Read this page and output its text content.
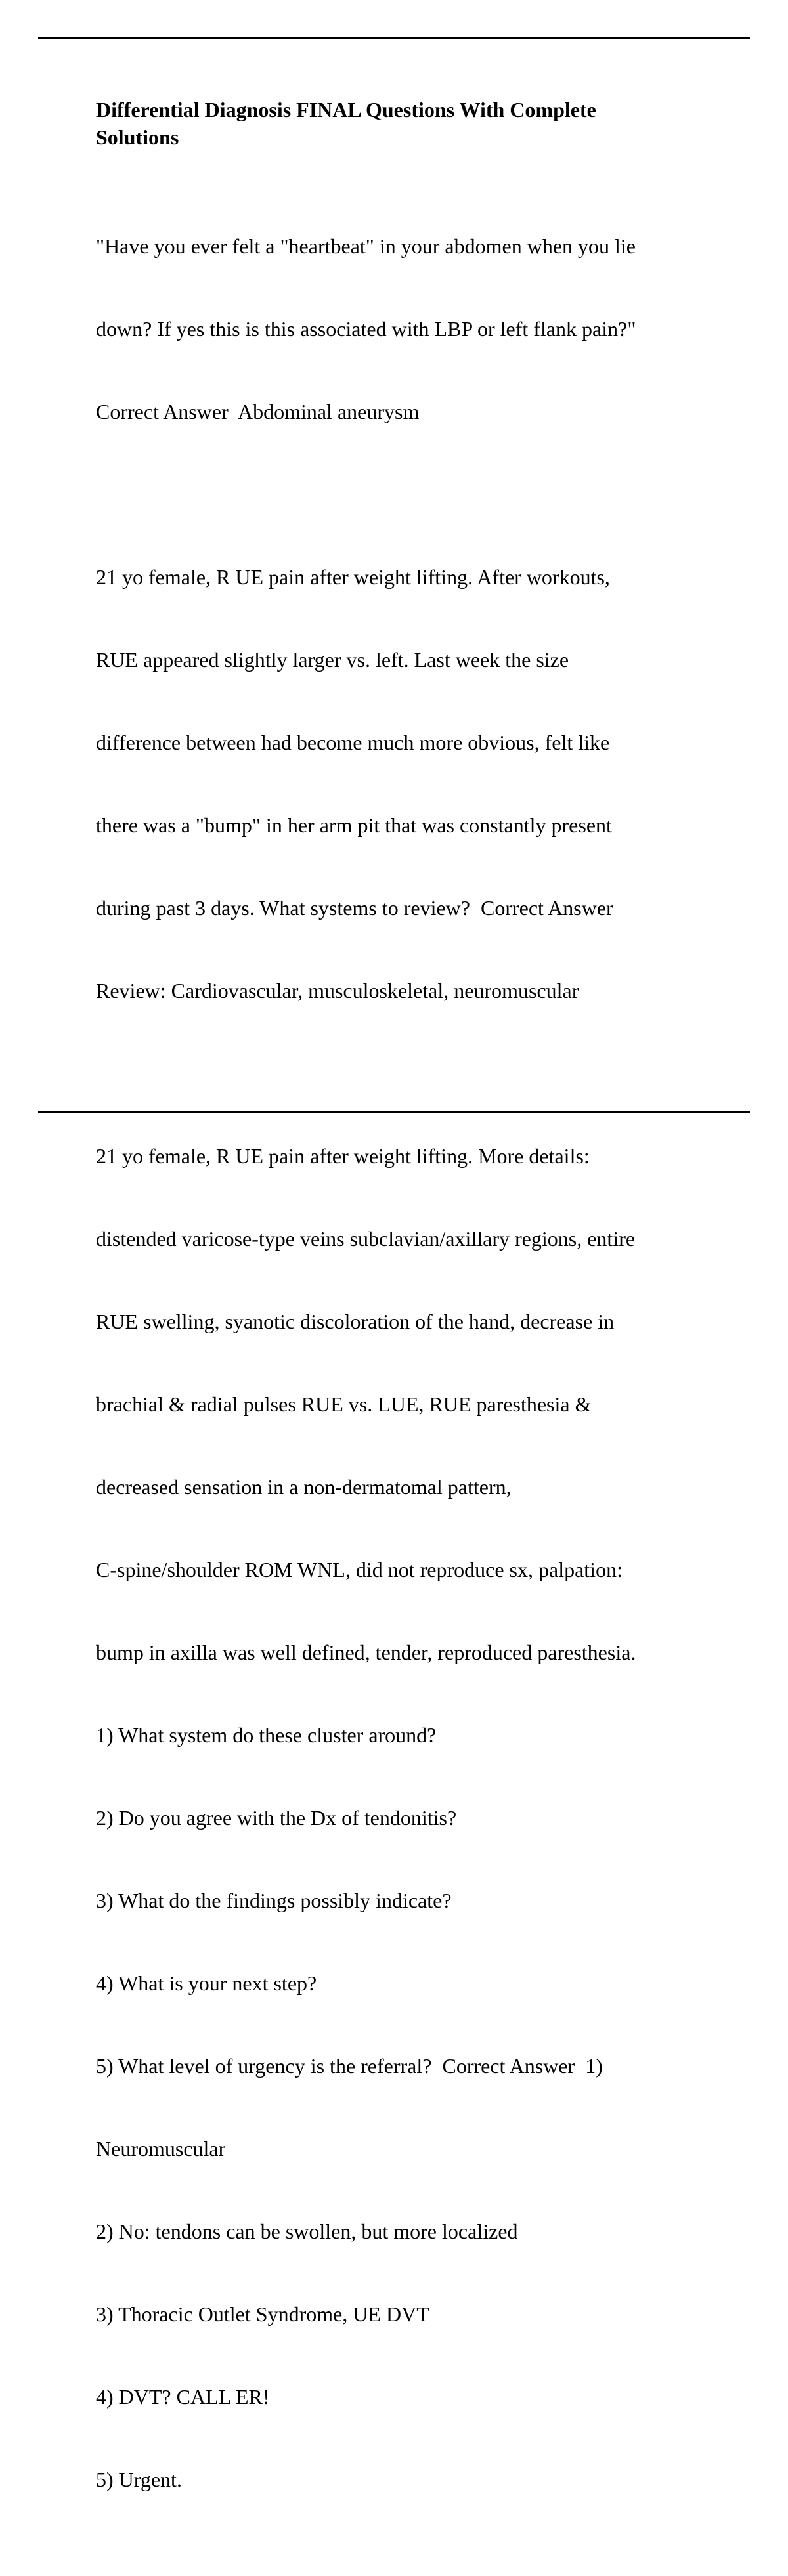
Differential Diagnosis FINAL Questions With Complete
Solutions

"Have you ever felt a "heartbeat" in your abdomen when you lie

down? If yes this is this associated with LBP or left flank pain?"

Correct Answer  Abdominal aneurysm

21 yo female, R UE pain after weight lifting. After workouts,

RUE appeared slightly larger vs. left. Last week the size

difference between had become much more obvious, felt like

there was a "bump" in her arm pit that was constantly present

during past 3 days. What systems to review?  Correct Answer

Review: Cardiovascular, musculoskeletal, neuromuscular

21 yo female, R UE pain after weight lifting. More details:

distended varicose-type veins subclavian/axillary regions, entire

RUE swelling, syanotic discoloration of the hand, decrease in

brachial & radial pulses RUE vs. LUE, RUE paresthesia &

decreased sensation in a non-dermatomal pattern,

C-spine/shoulder ROM WNL, did not reproduce sx, palpation:

bump in axilla was well defined, tender, reproduced paresthesia.

1) What system do these cluster around?

2) Do you agree with the Dx of tendonitis?

3) What do the findings possibly indicate?

4) What is your next step?

5) What level of urgency is the referral?  Correct Answer  1)

Neuromuscular

2) No: tendons can be swollen, but more localized

3) Thoracic Outlet Syndrome, UE DVT

4) DVT? CALL ER!

5) Urgent.
